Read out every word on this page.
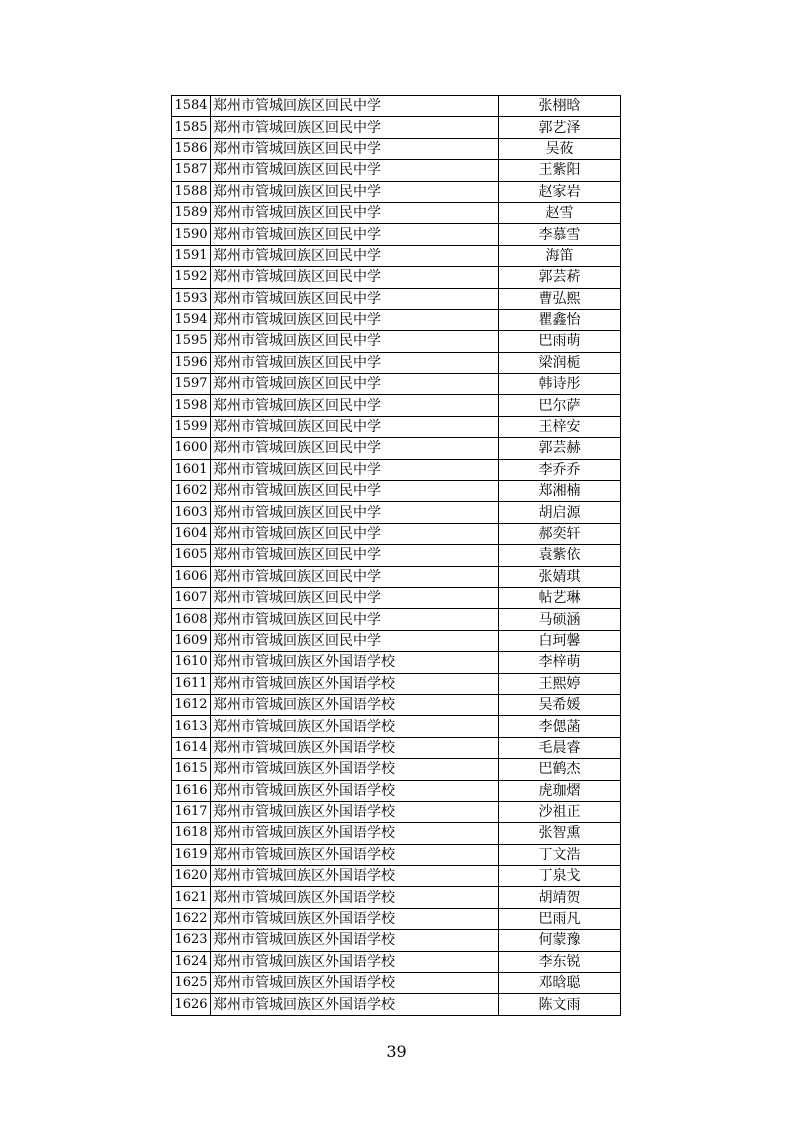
1584	郑州市管城回族区回民中学	张栩晗
1585	郑州市管城回族区回民中学	郭艺泽
1586	郑州市管城回族区回民中学	吴莜
1587	郑州市管城回族区回民中学	王紫阳
1588	郑州市管城回族区回民中学	赵家岩
1589	郑州市管城回族区回民中学	赵雪
1590	郑州市管城回族区回民中学	李慕雪
1591	郑州市管城回族区回民中学	海笛
1592	郑州市管城回族区回民中学	郭芸菥
1593	郑州市管城回族区回民中学	曹弘熙
1594	郑州市管城回族区回民中学	瞿鑫怡
1595	郑州市管城回族区回民中学	巴雨萌
1596	郑州市管城回族区回民中学	梁润栀
1597	郑州市管城回族区回民中学	韩诗彤
1598	郑州市管城回族区回民中学	巴尔萨
1599	郑州市管城回族区回民中学	王梓安
1600	郑州市管城回族区回民中学	郭芸赫
1601	郑州市管城回族区回民中学	李乔乔
1602	郑州市管城回族区回民中学	郑湘楠
1603	郑州市管城回族区回民中学	胡启源
1604	郑州市管城回族区回民中学	郝奕轩
1605	郑州市管城回族区回民中学	袁紫依
1606	郑州市管城回族区回民中学	张婧琪
1607	郑州市管城回族区回民中学	帖艺琳
1608	郑州市管城回族区回民中学	马硕涵
1609	郑州市管城回族区回民中学	白珂馨
1610	郑州市管城回族区外国语学校	李梓萌
1611	郑州市管城回族区外国语学校	王熙婷
1612	郑州市管城回族区外国语学校	吴希媛
1613	郑州市管城回族区外国语学校	李偲菡
1614	郑州市管城回族区外国语学校	毛晨睿
1615	郑州市管城回族区外国语学校	巴鹤杰
1616	郑州市管城回族区外国语学校	虎珈熠
1617	郑州市管城回族区外国语学校	沙祖正
1618	郑州市管城回族区外国语学校	张智熏
1619	郑州市管城回族区外国语学校	丁文浩
1620	郑州市管城回族区外国语学校	丁泉戈
1621	郑州市管城回族区外国语学校	胡靖贺
1622	郑州市管城回族区外国语学校	巴雨凡
1623	郑州市管城回族区外国语学校	何蒙豫
1624	郑州市管城回族区外国语学校	李东锐
1625	郑州市管城回族区外国语学校	邓晗聪
1626	郑州市管城回族区外国语学校	陈文雨
39
